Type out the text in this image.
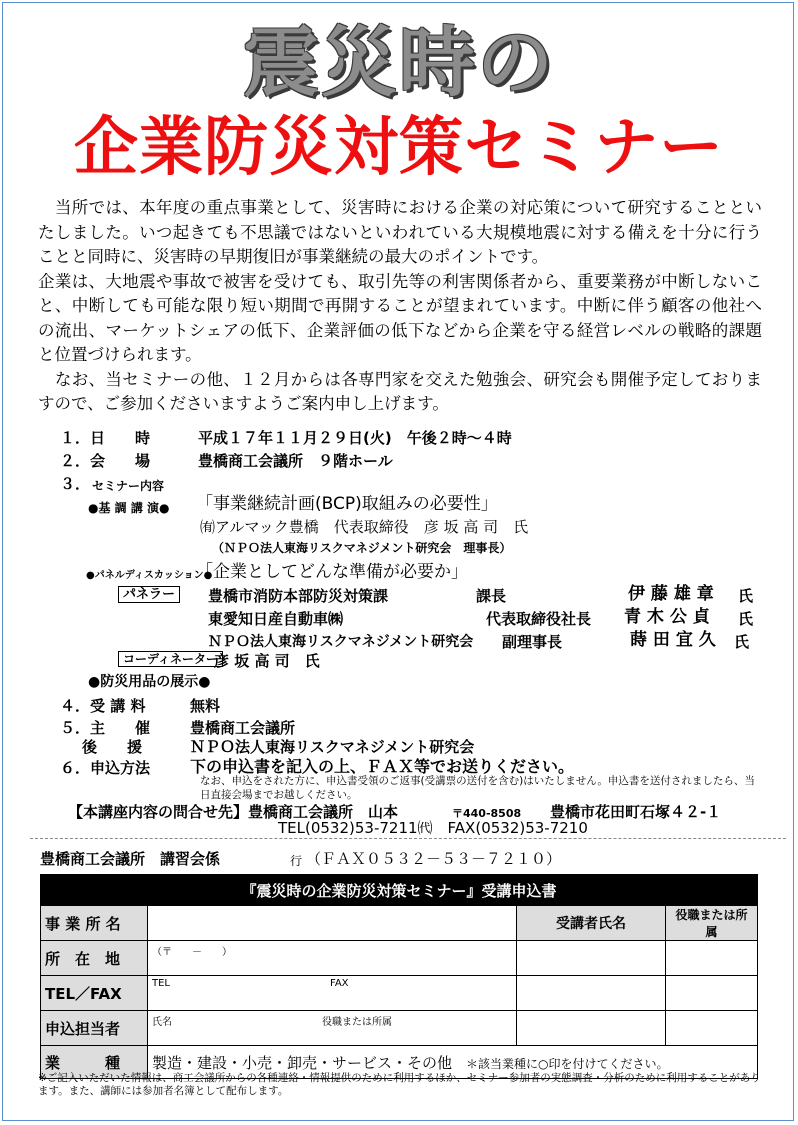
震災時の
企業防災対策セミナー

　当所では、本年度の重点事業として、災害時における企業の対応策について研究することといたしました。いつ起きても不思議ではないといわれている大規模地震に対する備えを十分に行うことと同時に、災害時の早期復旧が事業継続の最大のポイントです。

企業は、大地震や事故で被害を受けても、取引先等の利害関係者から、重要業務が中断しないこと、中断しても可能な限り短い期間で再開することが望まれています。中断に伴う顧客の他社への流出、マーケットシェアの低下、企業評価の低下などから企業を守る経営レベルの戦略的課題と位置づけられます。

　なお、当セミナーの他、１２月からは各専門家を交えた勉強会、研究会も開催予定しておりますので、ご参加くださいますようご案内申し上げます。

１．日　　時	平成１７年１１月２９日(火)　午後２時～４時
２．会　　場	豊橋商工会議所　９階ホール
３． セミナー内容
●基 調 講 演● 「事業継続計画(BCP)取組みの必要性」
㈲アルマック豊橋　代表取締役　彦 坂 高 司　氏
（ＮＰＯ法人東海リスクマネジメント研究会　理事長）
●パネルディスカッション●
「企業としてどんな準備が必要か」
パネラー	豊橋市消防本部防災対策課	課長	伊 藤 雄 章 氏
東愛知日産自動車㈱	代表取締役社長 青 木 公 貞 氏
ＮＰＯ法人東海リスクマネジメント研究会 副理事長	蒔 田 宜 久 氏
コーディネーター
彦 坂 高 司　氏
●防災用品の展示●
４．受 講 料	無料
５．主　　催	豊橋商工会議所
後　　援	ＮＰＯ法人東海リスクマネジメント研究会
６．申込方法 下の申込書を記入の上、ＦＡＸ等でお送りください。
なお、申込をされた方に、申込書受領のご返事(受講票の送付を含む)はいたしません。申込書を送付されましたら、当日直接会場までお越しください。
【本講座内容の問合せ先】豊橋商工会議所　山本	〒440-8508 豊橋市花田町石塚４２-１
TEL(0532)53-7211㈹　FAX(0532)53-7210
豊橋商工会議所　講習会係	行 （ＦＡＸ０５３２－５３－７２１０）
『震災時の企業防災対策セミナー』受講申込書			
事 業 所 名		受講者氏名	役職または所属
所　在　地	（〒　　－　　）		
TEL／FAX	TEL FAX		
申込担当者	氏名 役職または所属		
業　　　種	製造・建設・小売・卸売・サービス・その他 ＊該当業種に○印を付けてください。		
※ご記入いただいた情報は、商工会議所からの各種連絡・情報提供のために利用するほか、セミナー参加者の実態調査・分析のために利用することがあります。また、講師には参加者名簿として配布します。
